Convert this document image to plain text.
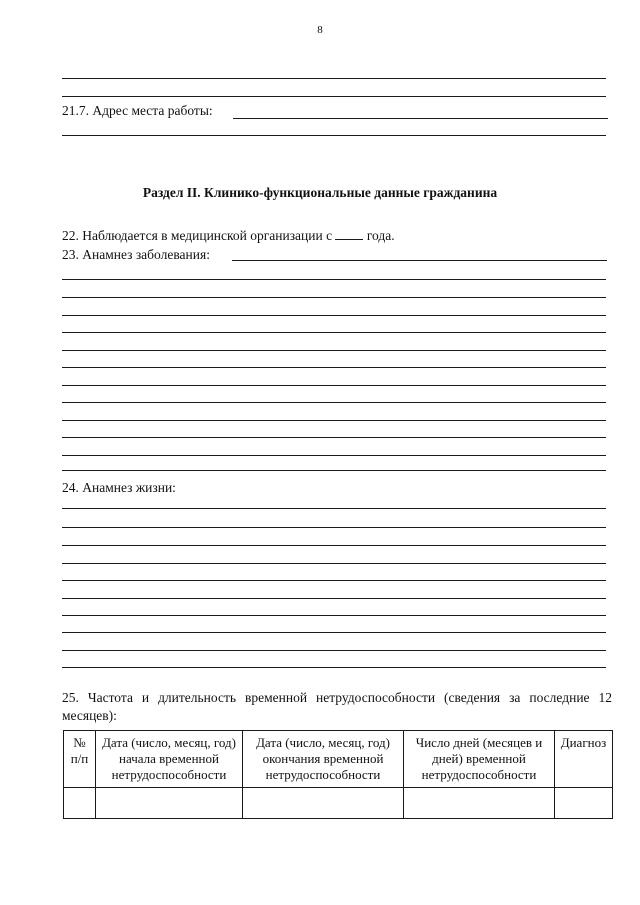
8
21.7. Адрес места работы:
Раздел II. Клинико-функциональные данные гражданина
22. Наблюдается в медицинской организации с	года.
23. Анамнез заболевания:
24. Анамнез жизни:
25. Частота и длительность временной нетрудоспособности (сведения за последние 12 месяцев):
№ п/п	Дата (число, месяц, год) начала временной нетрудоспособности	Дата (число, месяц, год) окончания временной нетрудоспособности	Число дней (месяцев и дней) временной нетрудоспособности	Диагноз
